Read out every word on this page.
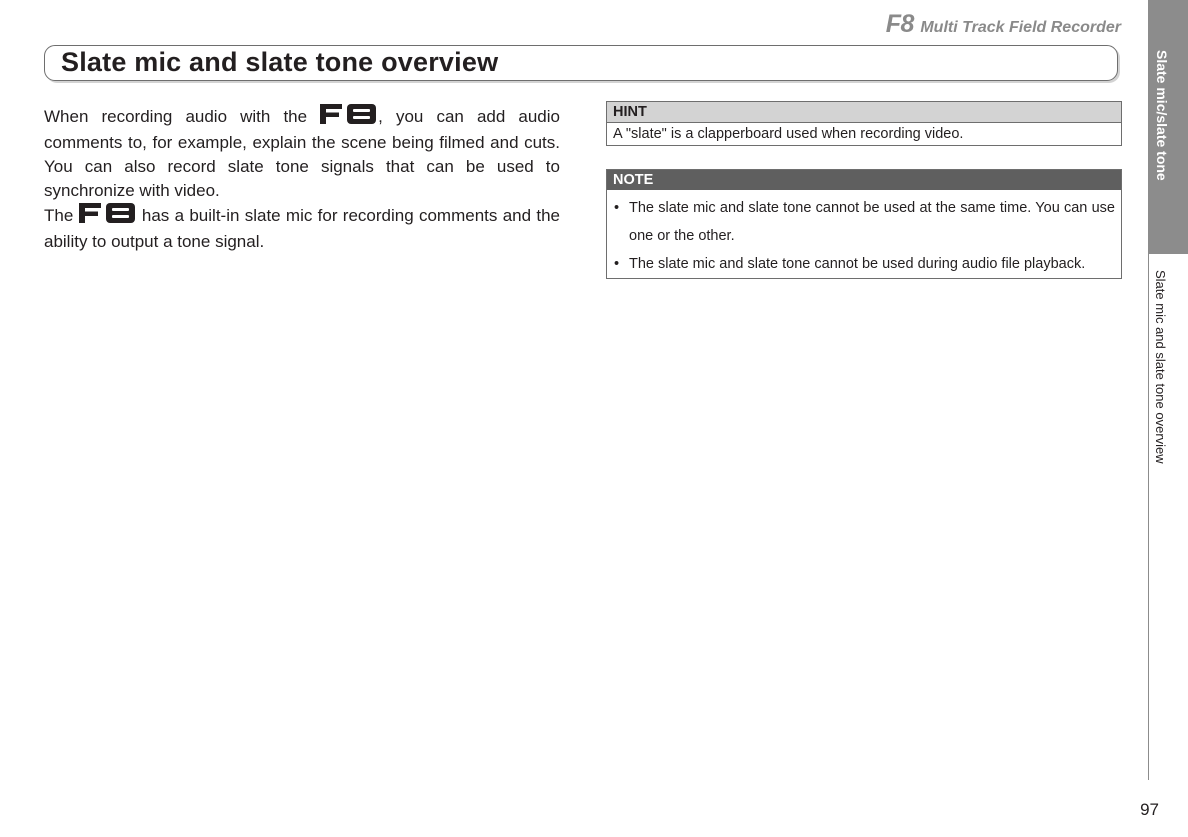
F8 Multi Track Field Recorder
Slate mic and slate tone overview

When recording audio with the	, you can add audio comments to, for example, explain the scene being filmed and cuts. You can also record slate tone signals that can be used to synchronize with video.

The	has a built-in slate mic for recording comments and the ability to output a tone signal.

HINT
A "slate" is a clapperboard used when recording video.
NOTE
• The slate mic and slate tone cannot be used at the same time. You can use one or the other.
• The slate mic and slate tone cannot be used during audio file playback.
Slate mic/slate tone
Slate mic and slate tone overview
97
